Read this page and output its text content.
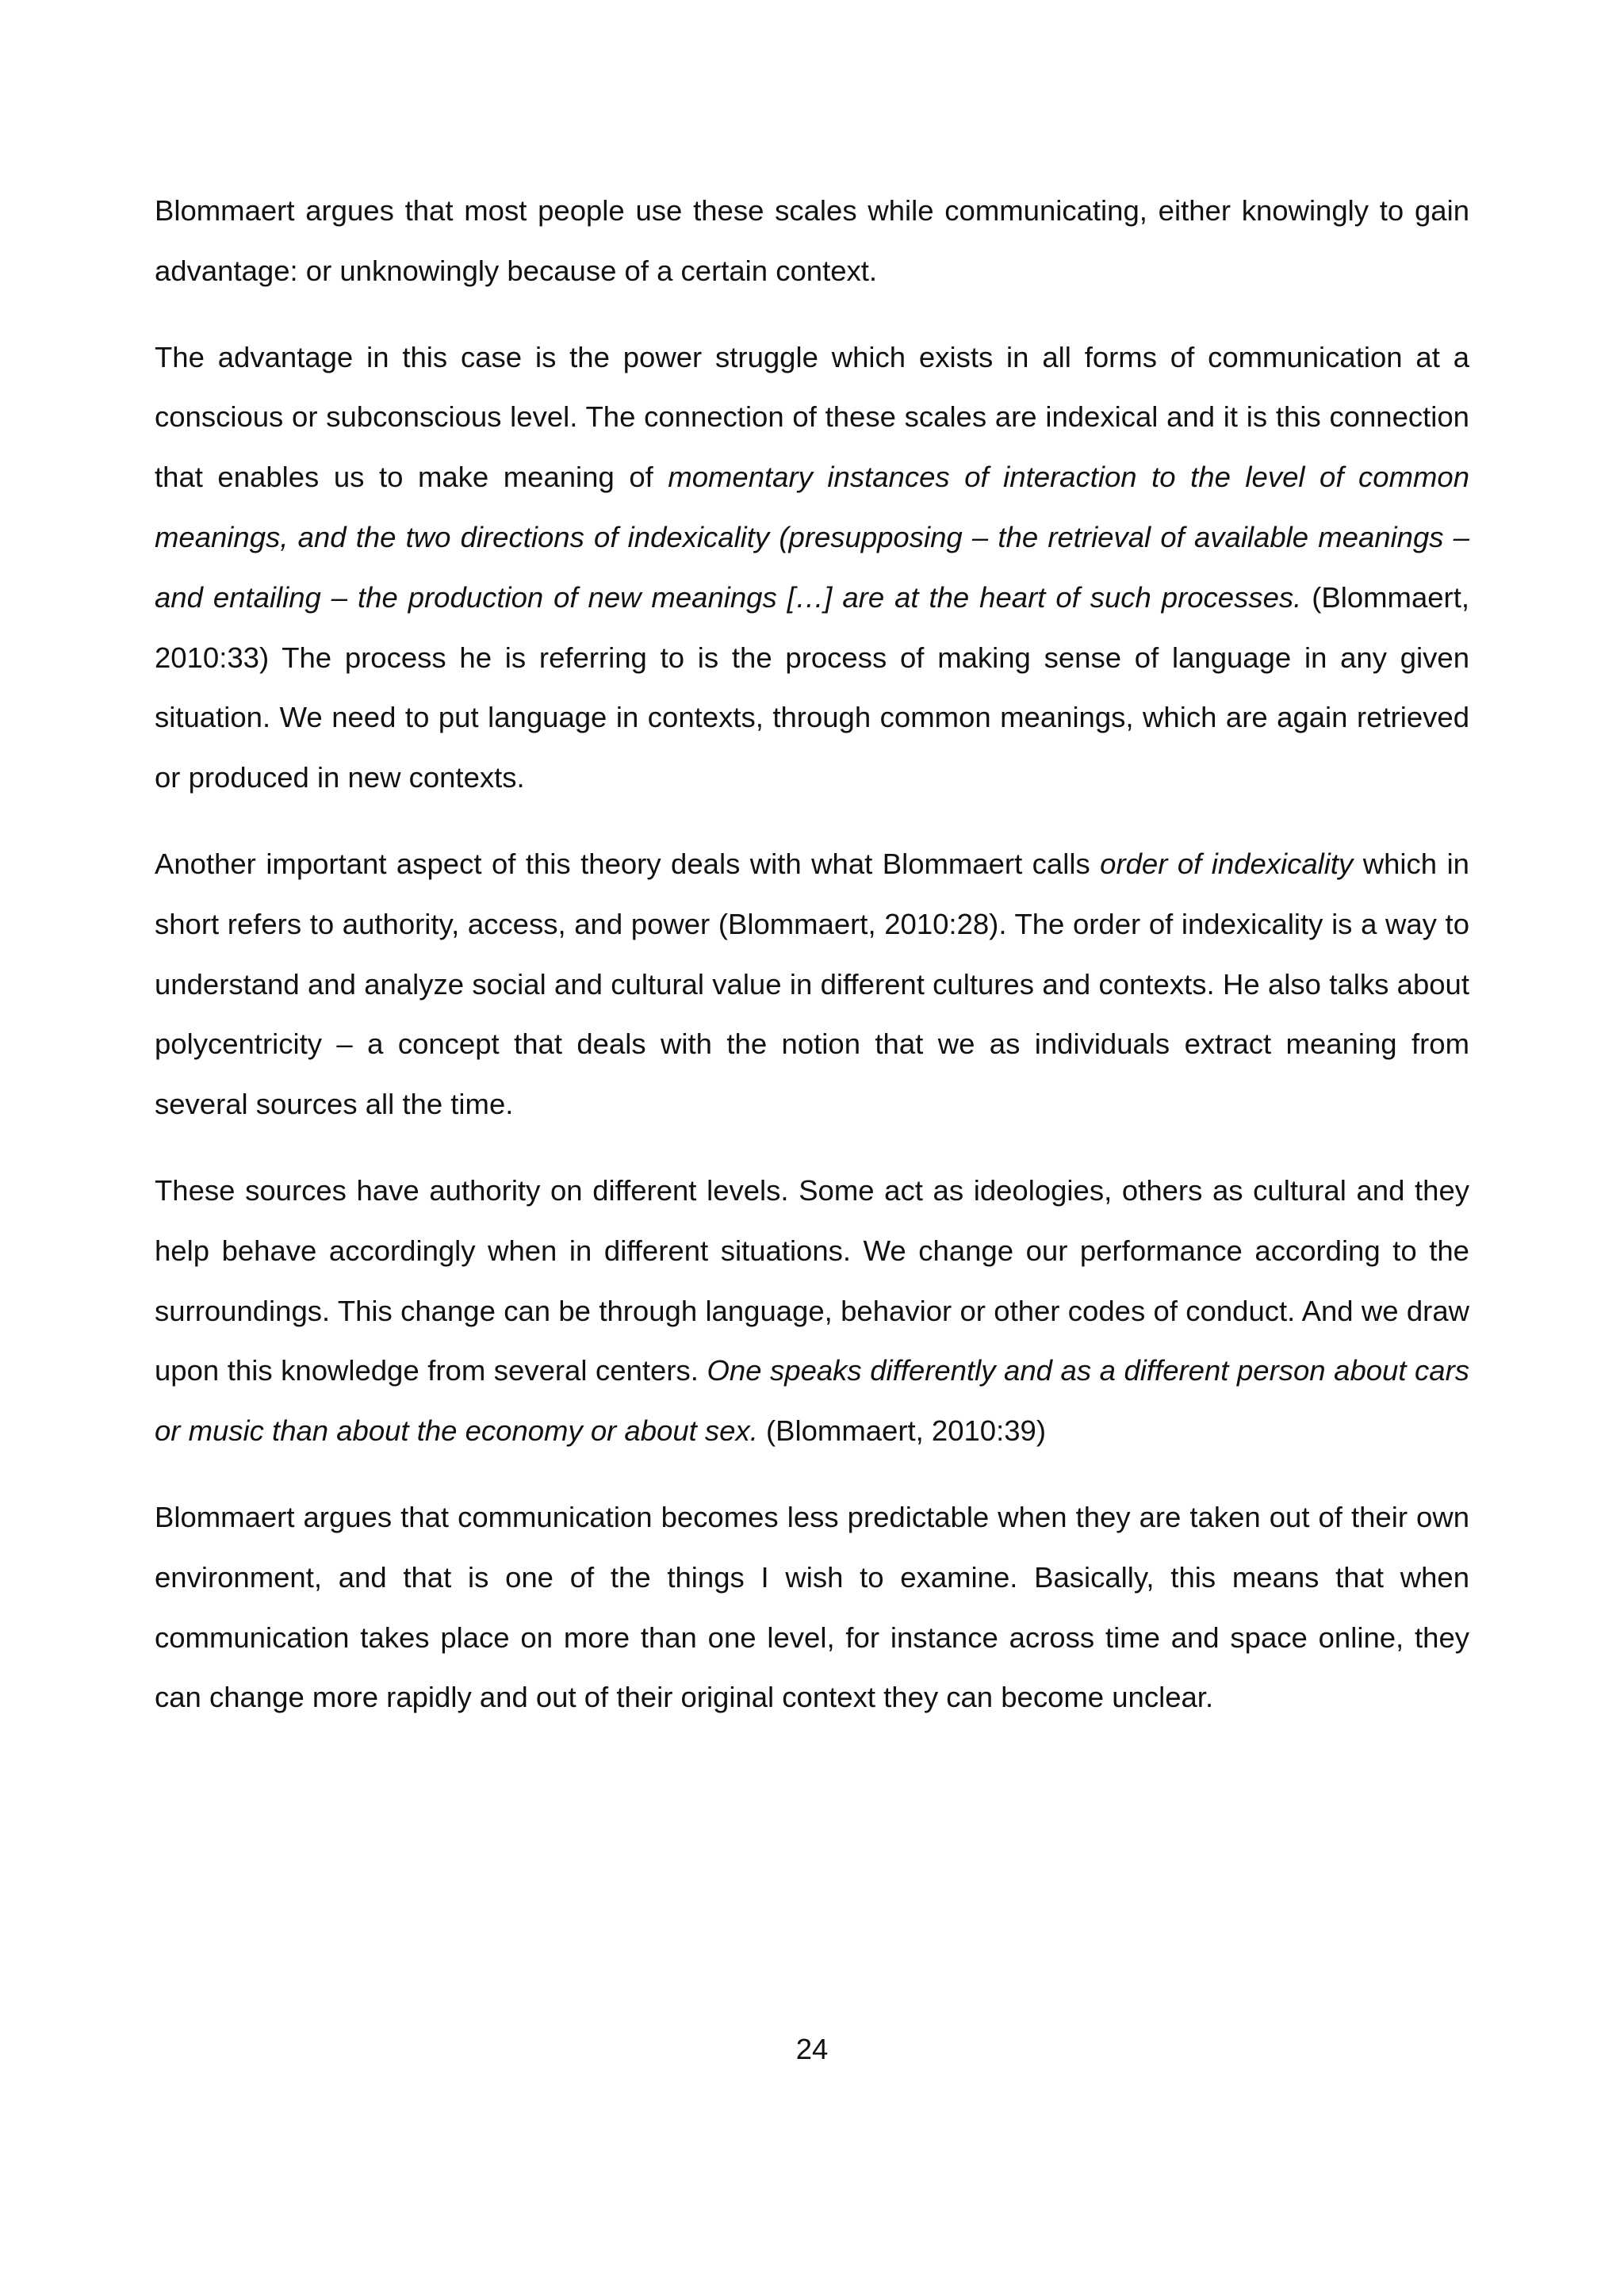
Blommaert argues that most people use these scales while communicating, either knowingly to gain advantage: or unknowingly because of a certain context.

The advantage in this case is the power struggle which exists in all forms of communication at a conscious or subconscious level. The connection of these scales are indexical and it is this connection that enables us to make meaning of momentary instances of interaction to the level of common meanings, and the two directions of indexicality (presupposing – the retrieval of available meanings – and entailing – the production of new meanings […] are at the heart of such processes. (Blommaert, 2010:33) The process he is referring to is the process of making sense of language in any given situation. We need to put language in contexts, through common meanings, which are again retrieved or produced in new contexts.

Another important aspect of this theory deals with what Blommaert calls order of indexicality which in short refers to authority, access, and power (Blommaert, 2010:28). The order of indexicality is a way to understand and analyze social and cultural value in different cultures and contexts. He also talks about polycentricity – a concept that deals with the notion that we as individuals extract meaning from several sources all the time.

These sources have authority on different levels. Some act as ideologies, others as cultural and they help behave accordingly when in different situations. We change our performance according to the surroundings. This change can be through language, behavior or other codes of conduct. And we draw upon this knowledge from several centers. One speaks differently and as a different person about cars or music than about the economy or about sex. (Blommaert, 2010:39)

Blommaert argues that communication becomes less predictable when they are taken out of their own environment, and that is one of the things I wish to examine. Basically, this means that when communication takes place on more than one level, for instance across time and space online, they can change more rapidly and out of their original context they can become unclear.

24
